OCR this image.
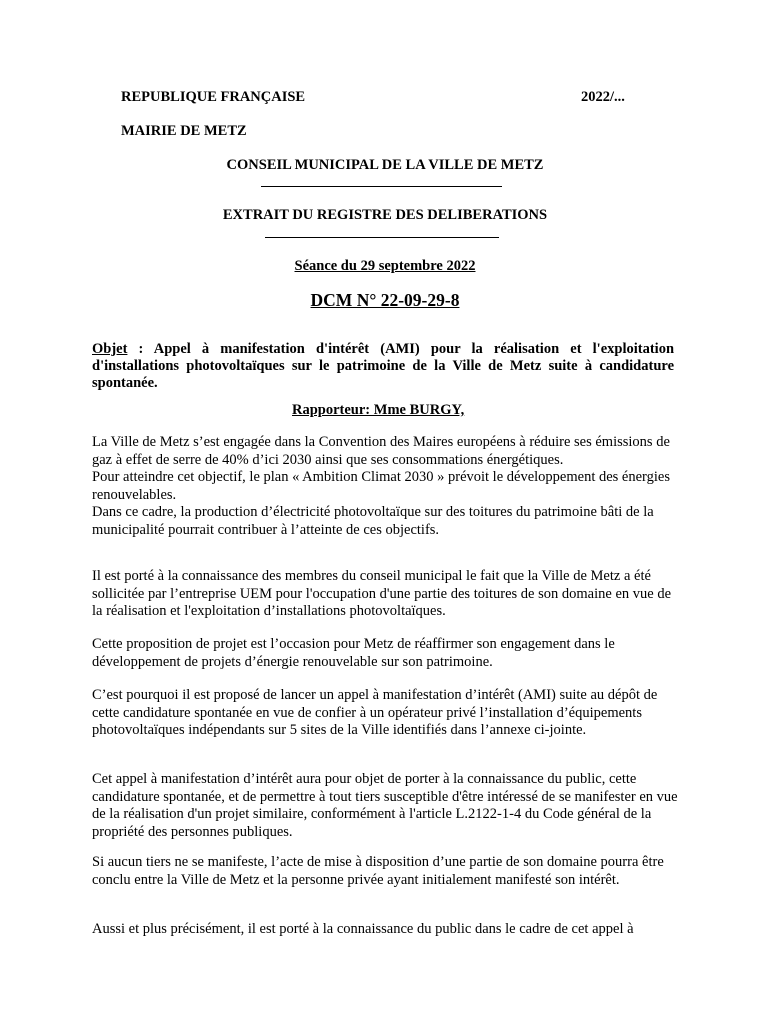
REPUBLIQUE FRANÇAISE	2022/...
MAIRIE DE METZ
CONSEIL MUNICIPAL DE LA VILLE DE METZ
EXTRAIT DU REGISTRE DES DELIBERATIONS
Séance du 29 septembre 2022
DCM N° 22-09-29-8
Objet : Appel à manifestation d'intérêt (AMI) pour la réalisation et l'exploitation d'installations photovoltaïques sur le patrimoine de la Ville de Metz suite à candidature spontanée.
Rapporteur: Mme BURGY,

La Ville de Metz s’est engagée dans la Convention des Maires européens à réduire ses émissions de gaz à effet de serre de 40% d’ici 2030 ainsi que ses consommations énergétiques.

Pour atteindre cet objectif, le plan « Ambition Climat 2030 » prévoit le développement des énergies renouvelables.

Dans ce cadre, la production d’électricité photovoltaïque sur des toitures du patrimoine bâti de la municipalité pourrait contribuer à l’atteinte de ces objectifs.

Il est porté à la connaissance des membres du conseil municipal le fait que la Ville de Metz a été sollicitée par l’entreprise UEM pour l'occupation d'une partie des toitures de son domaine en vue de la réalisation et l'exploitation d’installations photovoltaïques.

Cette proposition de projet est l’occasion pour Metz de réaffirmer son engagement dans le développement de projets d’énergie renouvelable sur son patrimoine.

C’est pourquoi il est proposé de lancer un appel à manifestation d’intérêt (AMI) suite au dépôt de cette candidature spontanée en vue de confier à un opérateur privé l’installation d’équipements photovoltaïques indépendants sur 5 sites de la Ville identifiés dans l’annexe ci-jointe.

Cet appel à manifestation d’intérêt aura pour objet de porter à la connaissance du public, cette candidature spontanée, et de permettre à tout tiers susceptible d'être intéressé de se manifester en vue de la réalisation d'un projet similaire, conformément à l'article L.2122-1-4 du Code général de la propriété des personnes publiques.

Si aucun tiers ne se manifeste, l’acte de mise à disposition d’une partie de son domaine pourra être conclu entre la Ville de Metz et la personne privée ayant initialement manifesté son intérêt.

Aussi et plus précisément, il est porté à la connaissance du public dans le cadre de cet appel à
